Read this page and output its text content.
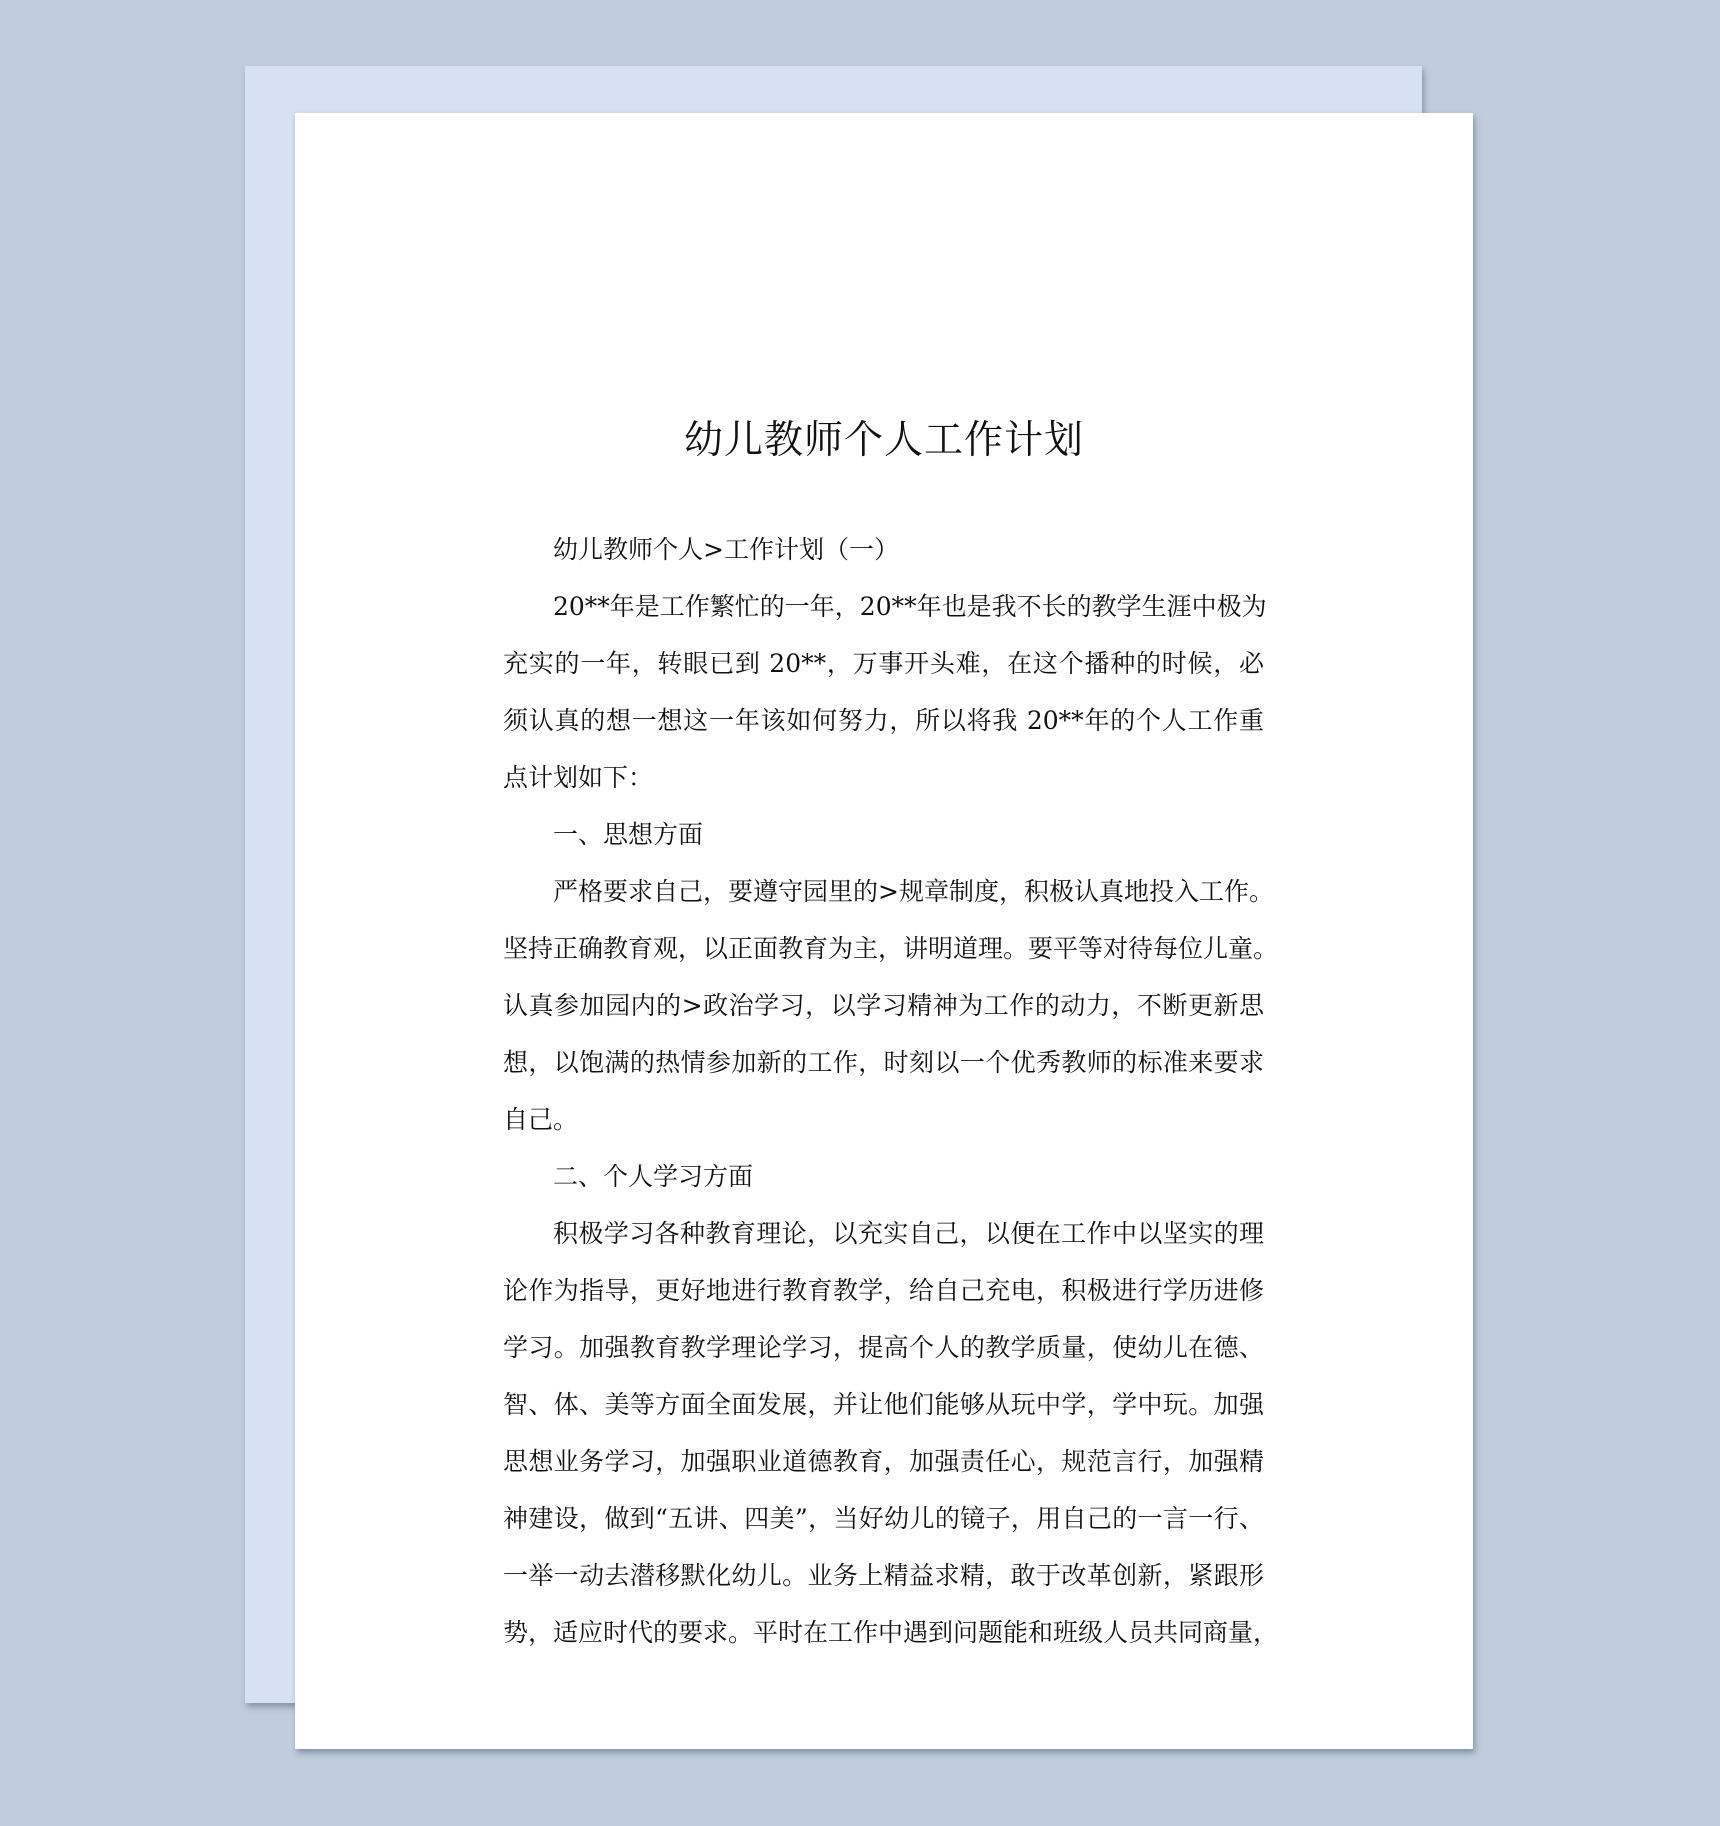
幼儿教师个人工作计划
幼儿教师个人>工作计划（一）
20**年是工作繁忙的一年，20**年也是我不长的教学生涯中极为
充实的一年，转眼已到 20**，万事开头难，在这个播种的时候，必
须认真的想一想这一年该如何努力，所以将我 20**年的个人工作重
点计划如下：
一、思想方面
严格要求自己，要遵守园里的>规章制度，积极认真地投入工作。
坚持正确教育观，以正面教育为主，讲明道理。要平等对待每位儿童。
认真参加园内的>政治学习，以学习精神为工作的动力，不断更新思
想，以饱满的热情参加新的工作，时刻以一个优秀教师的标准来要求
自己。
二、个人学习方面
积极学习各种教育理论，以充实自己，以便在工作中以坚实的理
论作为指导，更好地进行教育教学，给自己充电，积极进行学历进修
学习。加强教育教学理论学习，提高个人的教学质量，使幼儿在德、
智、体、美等方面全面发展，并让他们能够从玩中学，学中玩。加强
思想业务学习，加强职业道德教育，加强责任心，规范言行，加强精
神建设，做到“五讲、四美”，当好幼儿的镜子，用自己的一言一行、
一举一动去潜移默化幼儿。业务上精益求精，敢于改革创新，紧跟形
势，适应时代的要求。平时在工作中遇到问题能和班级人员共同商量，
